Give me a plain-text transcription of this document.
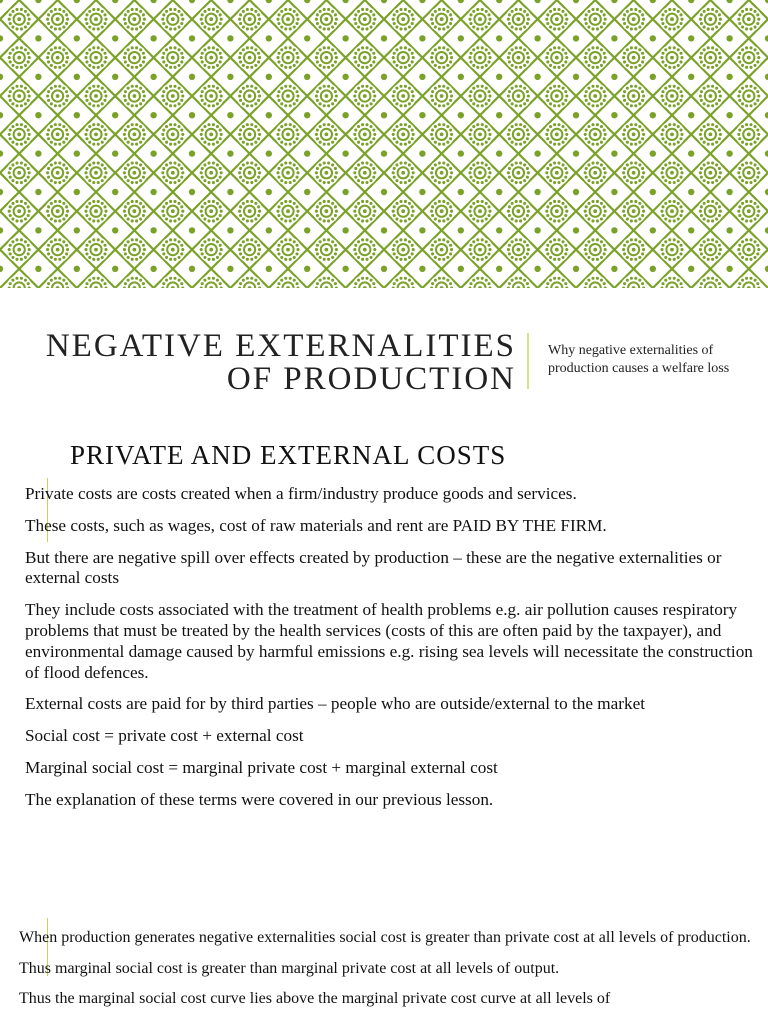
NEGATIVE EXTERNALITIES
OF PRODUCTION
Why negative externalities of production causes a welfare loss
PRIVATE AND EXTERNAL COSTS

Private costs are costs created when a firm/industry produce goods and services.

These costs, such as wages, cost of raw materials and rent are PAID BY THE FIRM.

But there are negative spill over effects created by production – these are the negative externalities or external costs

They include costs associated with the treatment of health problems e.g. air pollution causes respiratory problems that must be treated by the health services (costs of this are often paid by the taxpayer), and environmental damage caused by harmful emissions e.g. rising sea levels will necessitate the construction of flood defences.

External costs are paid for by third parties – people who are outside/external to the market

Social cost = private cost + external cost

Marginal social cost = marginal private cost + marginal external cost

The explanation of these terms were covered in our previous lesson.

When production generates negative externalities social cost is greater than private cost at all levels of production.

Thus marginal social cost is greater than marginal private cost at all levels of output.

Thus the marginal social cost curve lies above the marginal private cost curve at all levels of
